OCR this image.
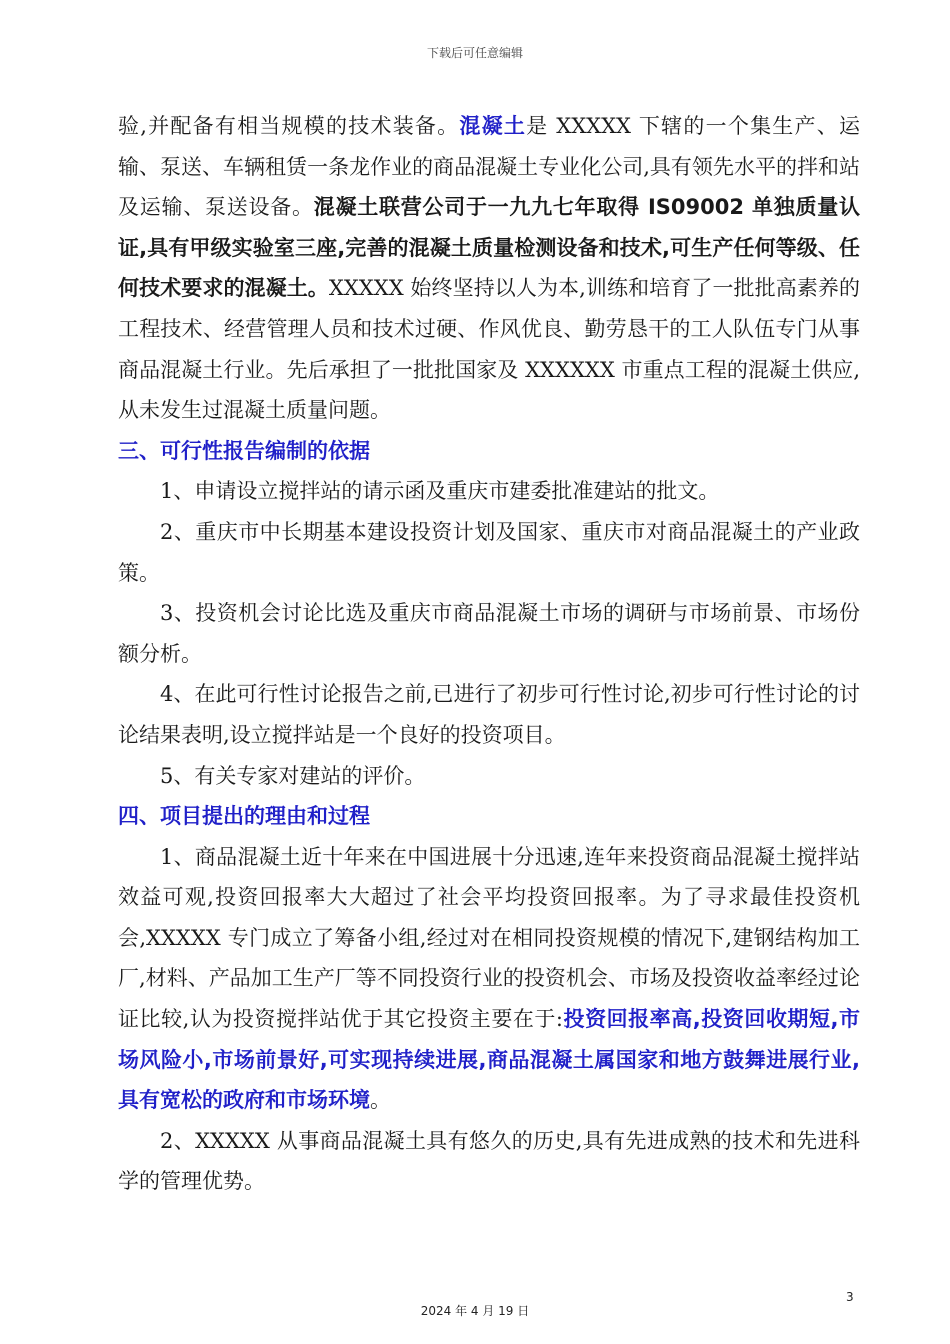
下载后可任意编辑

验,并配备有相当规模的技术装备。混凝土是 XXXXX 下辖的一个集生产、运输、泵送、车辆租赁一条龙作业的商品混凝土专业化公司,具有领先水平的拌和站及运输、泵送设备。混凝土联营公司于一九九七年取得 IS09002 单独质量认证,具有甲级实验室三座,完善的混凝土质量检测设备和技术,可生产任何等级、任何技术要求的混凝土。XXXXX 始终坚持以人为本,训练和培育了一批批高素养的工程技术、经营管理人员和技术过硬、作风优良、勤劳恳干的工人队伍专门从事商品混凝土行业。先后承担了一批批国家及 XXXXXX 市重点工程的混凝土供应,从未发生过混凝土质量问题。

三、可行性报告编制的依据

1、申请设立搅拌站的请示函及重庆市建委批准建站的批文。

2、重庆市中长期基本建设投资计划及国家、重庆市对商品混凝土的产业政策。

3、投资机会讨论比选及重庆市商品混凝土市场的调研与市场前景、市场份额分析。

4、在此可行性讨论报告之前,已进行了初步可行性讨论,初步可行性讨论的讨论结果表明,设立搅拌站是一个良好的投资项目。

5、有关专家对建站的评价。

四、项目提出的理由和过程

1、商品混凝土近十年来在中国进展十分迅速,连年来投资商品混凝土搅拌站效益可观,投资回报率大大超过了社会平均投资回报率。为了寻求最佳投资机会,XXXXX 专门成立了筹备小组,经过对在相同投资规模的情况下,建钢结构加工厂,材料、产品加工生产厂等不同投资行业的投资机会、市场及投资收益率经过论证比较,认为投资搅拌站优于其它投资主要在于:投资回报率高,投资回收期短,市场风险小,市场前景好,可实现持续进展,商品混凝土属国家和地方鼓舞进展行业,具有宽松的政府和市场环境。

2、XXXXX 从事商品混凝土具有悠久的历史,具有先进成熟的技术和先进科学的管理优势。

3
2024 年 4 月 19 日
